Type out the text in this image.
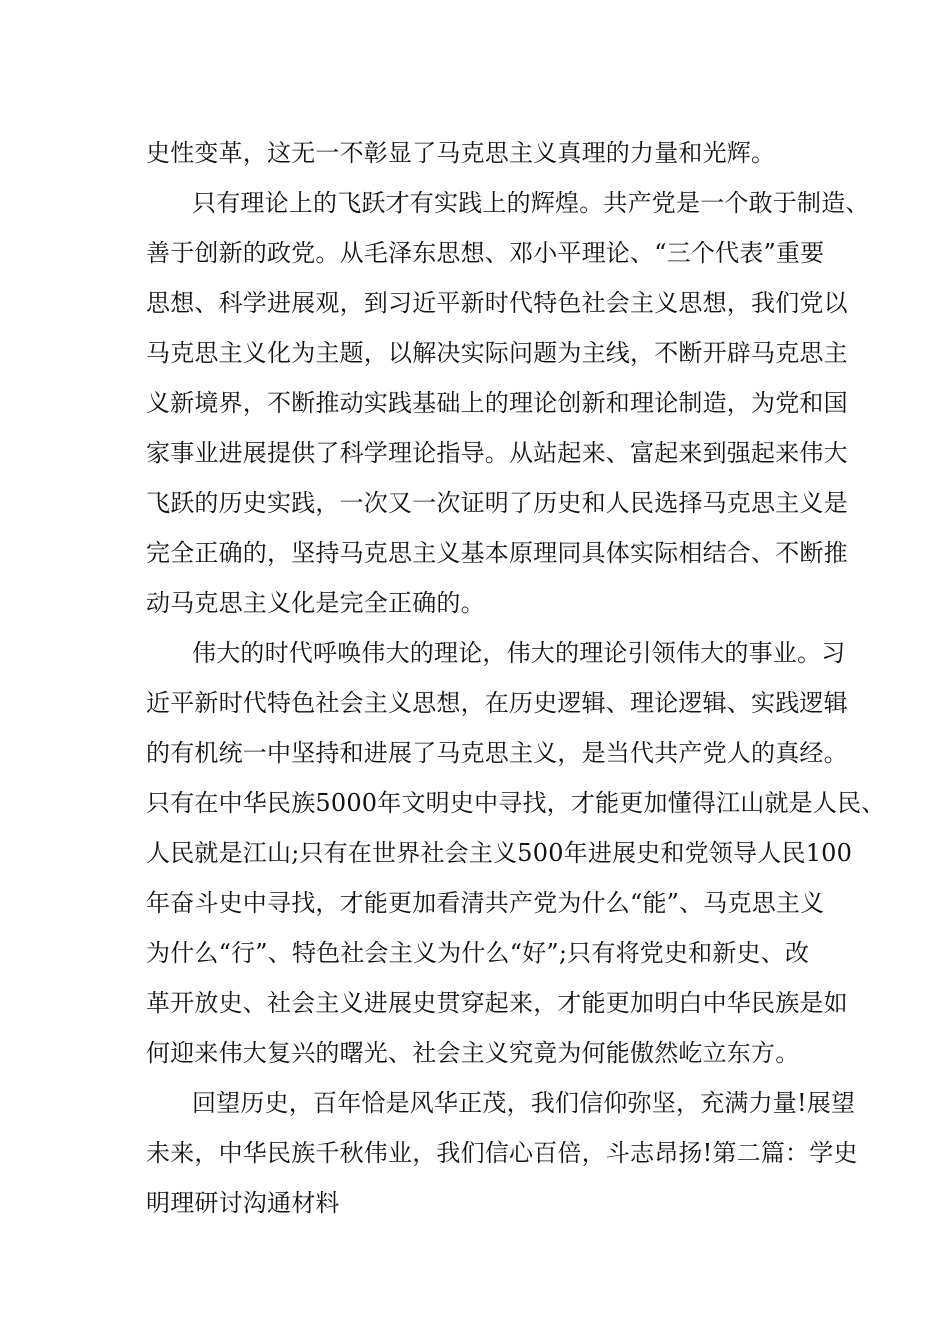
史性变革，这无一不彰显了马克思主义真理的力量和光辉。
只有理论上的飞跃才有实践上的辉煌。共产党是一个敢于制造、
善于创新的政党。从毛泽东思想、邓小平理论、“三个代表”重要
思想、科学进展观，到习近平新时代特色社会主义思想，我们党以
马克思主义化为主题，以解决实际问题为主线，不断开辟马克思主
义新境界，不断推动实践基础上的理论创新和理论制造，为党和国
家事业进展提供了科学理论指导。从站起来、富起来到强起来伟大
飞跃的历史实践，一次又一次证明了历史和人民选择马克思主义是
完全正确的，坚持马克思主义基本原理同具体实际相结合、不断推
动马克思主义化是完全正确的。
伟大的时代呼唤伟大的理论，伟大的理论引领伟大的事业。习
近平新时代特色社会主义思想，在历史逻辑、理论逻辑、实践逻辑
的有机统一中坚持和进展了马克思主义，是当代共产党人的真经。
只有在中华民族5000年文明史中寻找，才能更加懂得江山就是人民、
人民就是江山;只有在世界社会主义500年进展史和党领导人民100
年奋斗史中寻找，才能更加看清共产党为什么“能”、马克思主义
为什么“行”、特色社会主义为什么“好”;只有将党史和新史、改
革开放史、社会主义进展史贯穿起来，才能更加明白中华民族是如
何迎来伟大复兴的曙光、社会主义究竟为何能傲然屹立东方。
回望历史，百年恰是风华正茂，我们信仰弥坚，充满力量!展望
未来，中华民族千秋伟业，我们信心百倍，斗志昂扬!第二篇：学史
明理研讨沟通材料
